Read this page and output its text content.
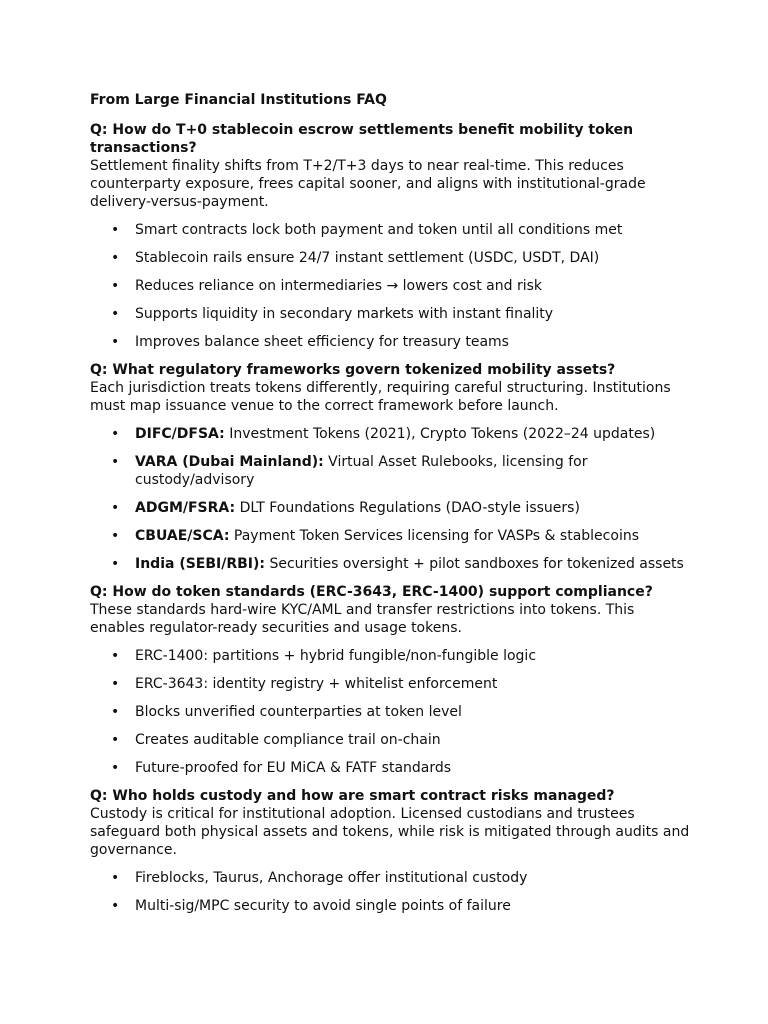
From Large Financial Institutions FAQ
Q: How do T+0 stablecoin escrow settlements benefit mobility token transactions?
Settlement finality shifts from T+2/T+3 days to near real-time. This reduces counterparty exposure, frees capital sooner, and aligns with institutional-grade delivery-versus-payment.
• Smart contracts lock both payment and token until all conditions met
• Stablecoin rails ensure 24/7 instant settlement (USDC, USDT, DAI)
• Reduces reliance on intermediaries → lowers cost and risk
• Supports liquidity in secondary markets with instant finality
• Improves balance sheet efficiency for treasury teams
Q: What regulatory frameworks govern tokenized mobility assets?
Each jurisdiction treats tokens differently, requiring careful structuring. Institutions must map issuance venue to the correct framework before launch.
• DIFC/DFSA: Investment Tokens (2021), Crypto Tokens (2022–24 updates)
• VARA (Dubai Mainland): Virtual Asset Rulebooks, licensing for custody/advisory
• ADGM/FSRA: DLT Foundations Regulations (DAO-style issuers)
• CBUAE/SCA: Payment Token Services licensing for VASPs & stablecoins
• India (SEBI/RBI): Securities oversight + pilot sandboxes for tokenized assets
Q: How do token standards (ERC-3643, ERC-1400) support compliance?
These standards hard-wire KYC/AML and transfer restrictions into tokens. This enables regulator-ready securities and usage tokens.
• ERC-1400: partitions + hybrid fungible/non-fungible logic
• ERC-3643: identity registry + whitelist enforcement
• Blocks unverified counterparties at token level
• Creates auditable compliance trail on-chain
• Future-proofed for EU MiCA & FATF standards
Q: Who holds custody and how are smart contract risks managed?
Custody is critical for institutional adoption. Licensed custodians and trustees safeguard both physical assets and tokens, while risk is mitigated through audits and governance.
• Fireblocks, Taurus, Anchorage offer institutional custody
• Multi-sig/MPC security to avoid single points of failure
